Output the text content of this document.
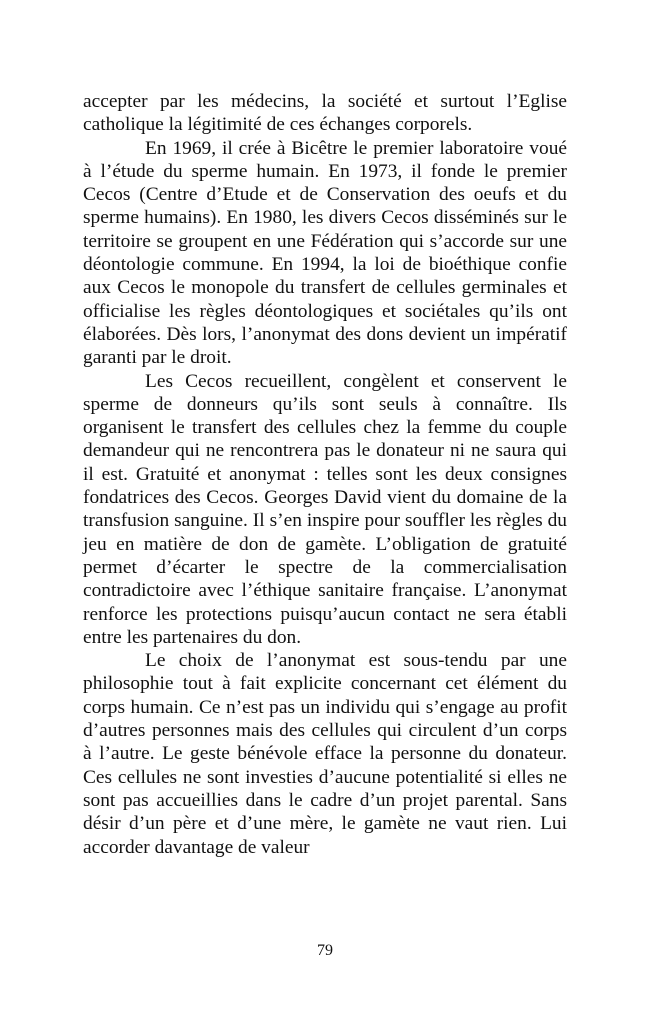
accepter par les médecins, la société et surtout l’Eglise catholique la légitimité de ces échanges corporels.

En 1969, il crée à Bicêtre le premier laboratoire voué à l’étude du sperme humain. En 1973, il fonde le premier Cecos (Centre d’Etude et de Conservation des oeufs et du sperme humains). En 1980, les divers Cecos disséminés sur le territoire se groupent en une Fédération qui s’accorde sur une déontologie commune. En 1994, la loi de bioéthique confie aux Cecos le monopole du transfert de cellules germinales et officialise les règles déontologiques et sociétales qu’ils ont élaborées. Dès lors, l’anonymat des dons devient un impératif garanti par le droit.

Les Cecos recueillent, congèlent et conservent le sperme de donneurs qu’ils sont seuls à connaître. Ils organisent le transfert des cellules chez la femme du couple demandeur qui ne rencontrera pas le donateur ni ne saura qui il est. Gratuité et anonymat : telles sont les deux consignes fondatrices des Cecos. Georges David vient du domaine de la transfusion sanguine. Il s’en inspire pour souffler les règles du jeu en matière de don de gamète. L’obligation de gratuité permet d’écarter le spectre de la commercialisation contradictoire avec l’éthique sanitaire française. L’anonymat renforce les protections puisqu’aucun contact ne sera établi entre les partenaires du don.

Le choix de l’anonymat est sous-tendu par une philosophie tout à fait explicite concernant cet élément du corps humain. Ce n’est pas un individu qui s’engage au profit d’autres personnes mais des cellules qui circulent d’un corps à l’autre. Le geste bénévole efface la personne du donateur. Ces cellules ne sont investies d’aucune potentialité si elles ne sont pas accueillies dans le cadre d’un projet parental. Sans désir d’un père et d’une mère, le gamète ne vaut rien. Lui accorder davantage de valeur

79
